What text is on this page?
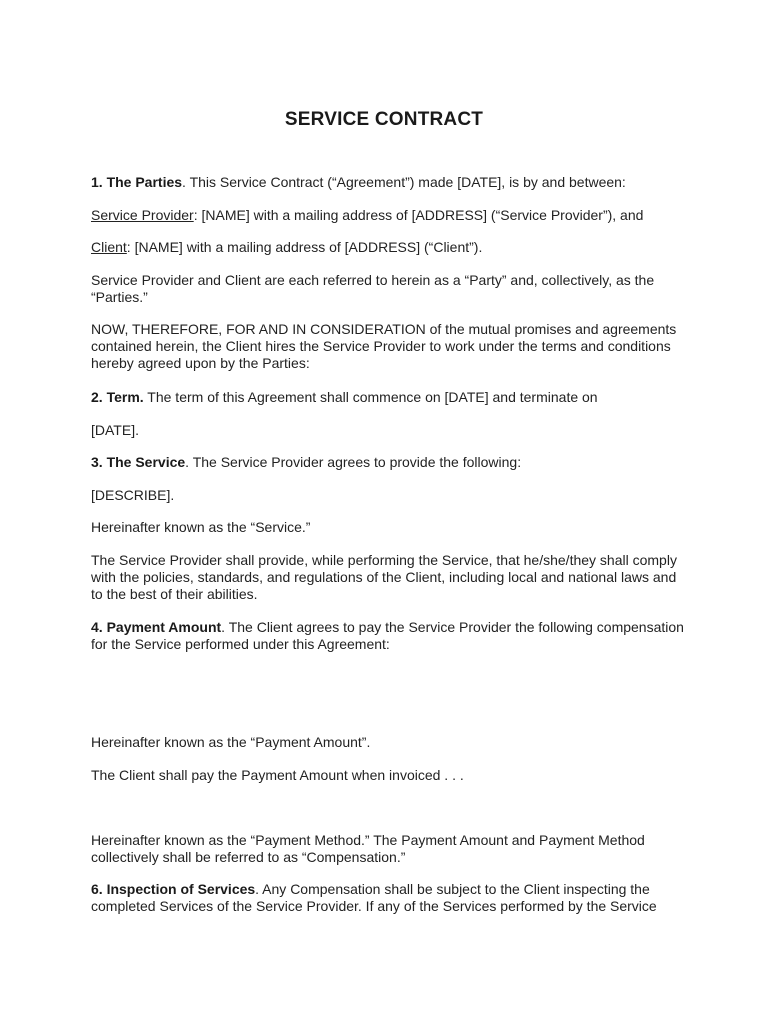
SERVICE CONTRACT
1. The Parties. This Service Contract (“Agreement”) made [DATE], is by and between:
Service Provider: [NAME] with a mailing address of [ADDRESS] (“Service Provider”), and
Client: [NAME] with a mailing address of [ADDRESS] (“Client”).
Service Provider and Client are each referred to herein as a “Party” and, collectively, as the “Parties.”
NOW, THEREFORE, FOR AND IN CONSIDERATION of the mutual promises and agreements contained herein, the Client hires the Service Provider to work under the terms and conditions hereby agreed upon by the Parties:
2. Term. The term of this Agreement shall commence on [DATE] and terminate on
[DATE].
3. The Service. The Service Provider agrees to provide the following:
[DESCRIBE].
Hereinafter known as the “Service.”
The Service Provider shall provide, while performing the Service, that he/she/they shall comply with the policies, standards, and regulations of the Client, including local and national laws and to the best of their abilities.
4. Payment Amount. The Client agrees to pay the Service Provider the following compensation for the Service performed under this Agreement:
Hereinafter known as the “Payment Amount”.
The Client shall pay the Payment Amount when invoiced . . .
Hereinafter known as the “Payment Method.” The Payment Amount and Payment Method collectively shall be referred to as “Compensation.”
6. Inspection of Services. Any Compensation shall be subject to the Client inspecting the completed Services of the Service Provider. If any of the Services performed by the Service
